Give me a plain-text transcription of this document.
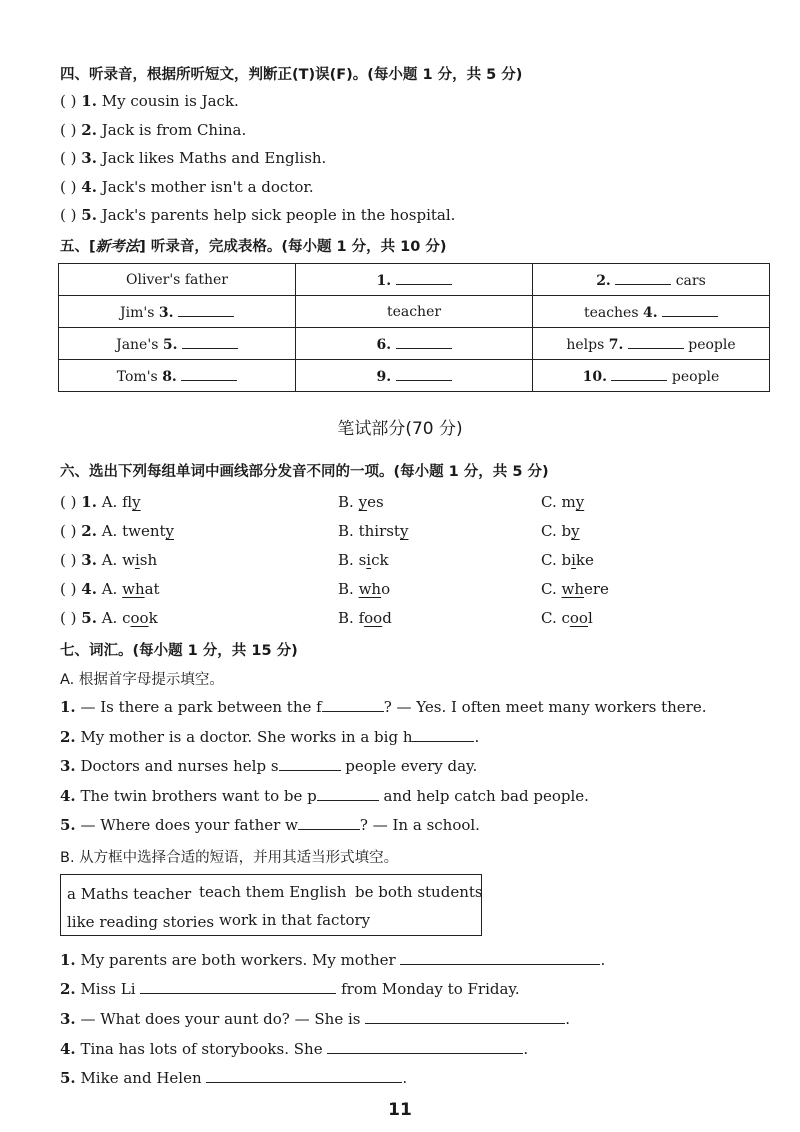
四、听录音，根据所听短文，判断正(T)误(F)。(每小题 1 分，共 5 分)
( ) 1. My cousin is Jack.
( ) 2. Jack is from China.
( ) 3. Jack likes Maths and English.
( ) 4. Jack's mother isn't a doctor.
( ) 5. Jack's parents help sick people in the hospital.
五、[新考法] 听录音，完成表格。(每小题 1 分，共 10 分)
Oliver's father	1.	2. cars
Jim's 3.	teacher	teaches 4.
Jane's 5.	6.	helps 7. people
Tom's 8.	9.	10. people
笔试部分(70 分)
六、选出下列每组单词中画线部分发音不同的一项。(每小题 1 分，共 5 分)
( ) 1. A. fly	B. yes	C. my
( ) 2. A. twenty	B. thirsty	C. by
( ) 3. A. wish	B. sick	C. bike
( ) 4. A. what	B. who	C. where
( ) 5. A. cook	B. food	C. cool
七、词汇。(每小题 1 分，共 15 分)
A. 根据首字母提示填空。
1. — Is there a park between the f	? — Yes. I often meet many workers there.
2. My mother is a doctor. She works in a big h	.
3. Doctors and nurses help s	people every day.
4. The twin brothers want to be p	and help catch bad people.
5. — Where does your father w	? — In a school.
B. 从方框中选择合适的短语，并用其适当形式填空。
a Maths teacher teach them English be both students
like reading stories work in that factory
1. My parents are both workers. My mother	.
2. Miss Li	from Monday to Friday.
3. — What does your aunt do? — She is	.
4. Tina has lots of storybooks. She	.
5. Mike and Helen	.
11
